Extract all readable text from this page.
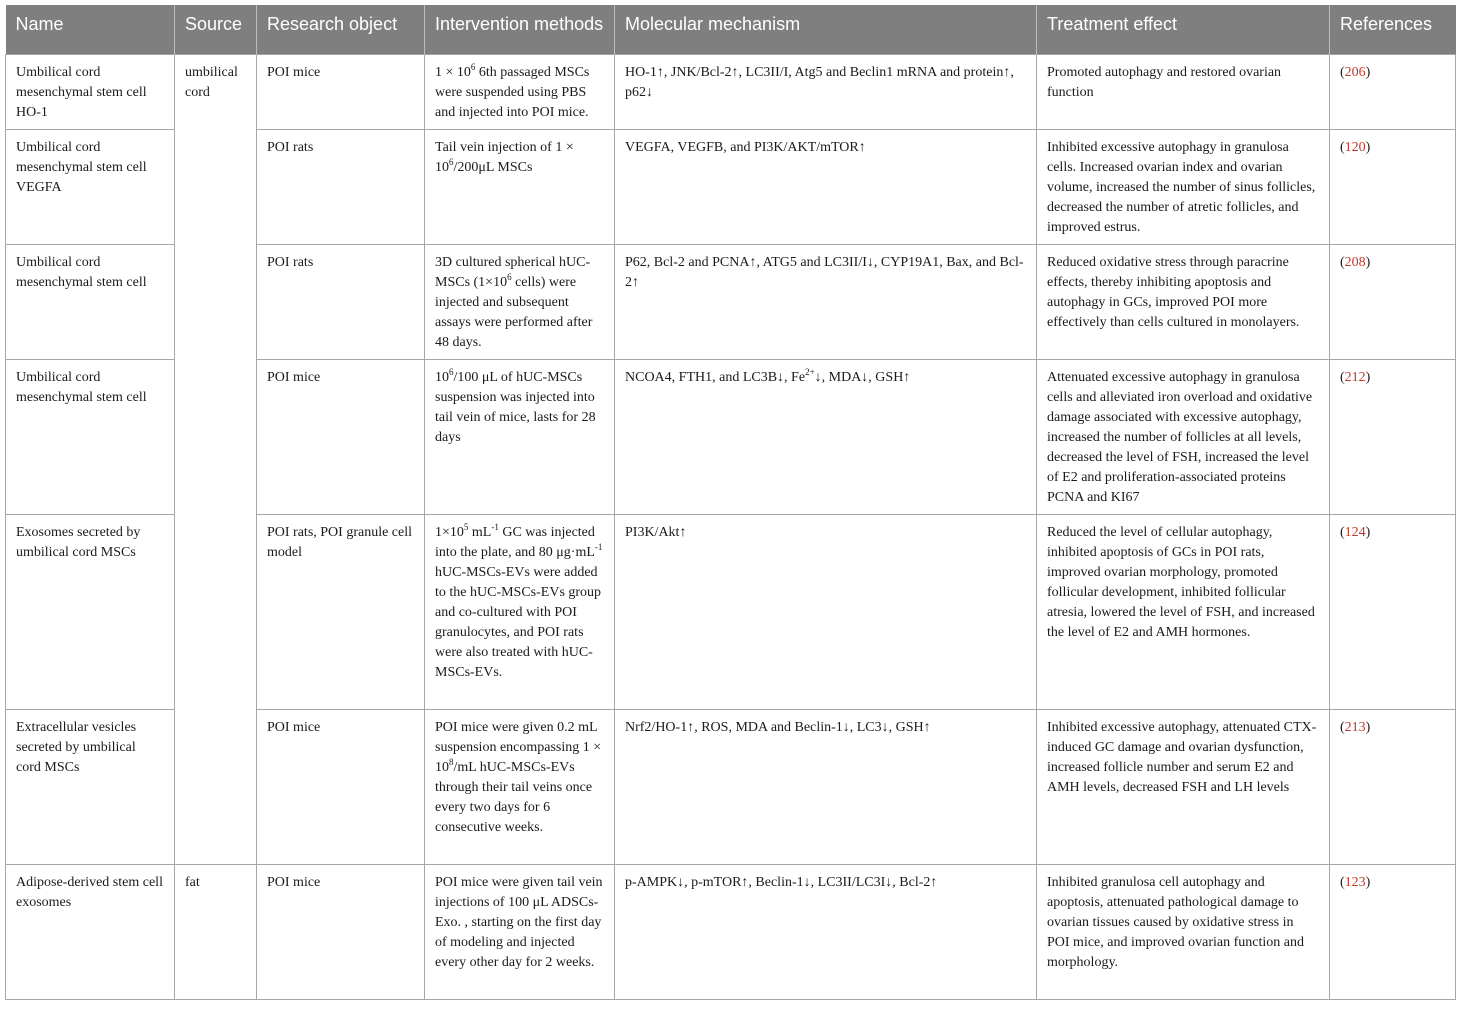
Name	Source	Research object	Intervention methods	Molecular mechanism	Treatment effect	References
Umbilical cord mesenchymal stem cell HO-1	umbilical cord	POI mice	$1 \times 10^6$ 6th passaged MSCs were suspended using PBS and injected into POI mice.	HO-1↑, JNK/Bcl-2↑, LC3II/I, Atg5 and Beclin1 mRNA and protein↑, p62↓	Promoted autophagy and restored ovarian function	(206)
Umbilical cord mesenchymal stem cell VEGFA		POI rats	Tail vein injection of $1 \times 10^6/200\mu L$ MSCs	VEGFA, VEGFB, and PI3K/AKT/mTOR↑	Inhibited excessive autophagy in granulosa cells. Increased ovarian index and ovarian volume, increased the number of sinus follicles, decreased the number of atretic follicles, and improved estrus.	(120)
Umbilical cord mesenchymal stem cell		POI rats	3D cultured spherical hUC-MSCs ($1\times 10^6$ cells) were injected and subsequent assays were performed after 48 days.	P62, Bcl-2 and PCNA↑, ATG5 and LC3II/I↓, CYP19A1, Bax, and Bcl-2↑	Reduced oxidative stress through paracrine effects, thereby inhibiting apoptosis and autophagy in GCs, improved POI more effectively than cells cultured in monolayers.	(208)
Umbilical cord mesenchymal stem cell		POI mice	$10^6/100$ μL of hUC-MSCs suspension was injected into tail vein of mice, lasts for 28 days	NCOA4, FTH1, and LC3B↓, $Fe^{2+}↓$, MDA↓, GSH↑	Attenuated excessive autophagy in granulosa cells and alleviated iron overload and oxidative damage associated with excessive autophagy, increased the number of follicles at all levels, decreased the level of FSH, increased the level of E2 and proliferation-associated proteins PCNA and KI67	(212)
Exosomes secreted by umbilical cord MSCs		POI rats, POI granule cell model	$1\times 10^5$ $mL^{-1}$ GC was injected into the plate, and 80 $\mu g\cdot mL^{-1}$ hUC-MSCs-EVs were added to the hUC-MSCs-EVs group and co-cultured with POI granulocytes, and POI rats were also treated with hUC-MSCs-EVs.	PI3K/Akt↑	Reduced the level of cellular autophagy, inhibited apoptosis of GCs in POI rats, improved ovarian morphology, promoted follicular development, inhibited follicular atresia, lowered the level of FSH, and increased the level of E2 and AMH hormones.	(124)
Extracellular vesicles secreted by umbilical cord MSCs		POI mice	POI mice were given 0.2 mL suspension encompassing $1 \times 10^8/mL$ hUC-MSCs-EVs through their tail veins once every two days for 6 consecutive weeks.	Nrf2/HO-1↑, ROS, MDA and Beclin-1↓, LC3↓, GSH↑	Inhibited excessive autophagy, attenuated CTX-induced GC damage and ovarian dysfunction, increased follicle number and serum E2 and AMH levels, decreased FSH and LH levels	(213)
Adipose-derived stem cell exosomes	fat	POI mice	POI mice were given tail vein injections of 100 μL ADSCs-Exo. , starting on the first day of modeling and injected every other day for 2 weeks.	p-AMPK↓, p-mTOR↑, Beclin-1↓, LC3II/LC3I↓, Bcl-2↑	Inhibited granulosa cell autophagy and apoptosis, attenuated pathological damage to ovarian tissues caused by oxidative stress in POI mice, and improved ovarian function and morphology.	(123)
